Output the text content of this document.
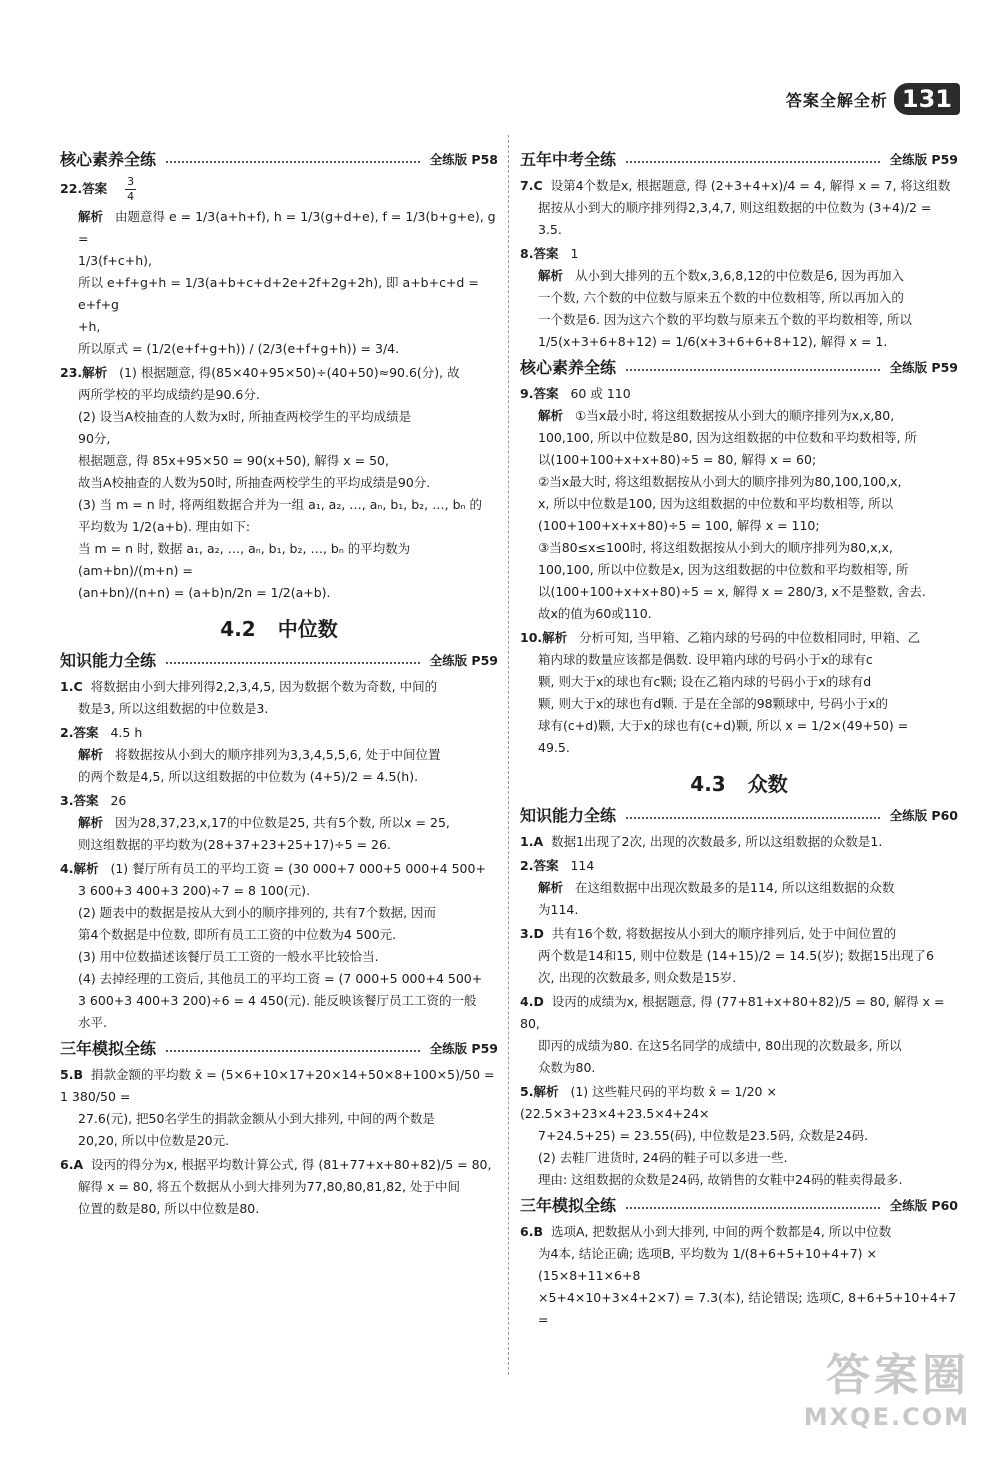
答案全解全析 131
核心素养全练	全练版 P58
22.答案 $\frac{3}{4}$
解析 由题意得 e = 1/3(a+h+f), h = 1/3(g+d+e), f = 1/3(b+g+e), g =
1/3(f+c+h),
所以 e+f+g+h = 1/3(a+b+c+d+2e+2f+2g+2h), 即 a+b+c+d = e+f+g
+h,
所以原式 = (1/2(e+f+g+h)) / (2/3(e+f+g+h)) = 3/4.
23.解析 (1) 根据题意, 得(85×40+95×50)÷(40+50)≈90.6(分), 故
两所学校的平均成绩约是90.6分.
(2) 设当A校抽查的人数为x时, 所抽查两校学生的平均成绩是
90分,
根据题意, 得 85x+95×50 = 90(x+50), 解得 x = 50,
故当A校抽查的人数为50时, 所抽查两校学生的平均成绩是90分.
(3) 当 m = n 时, 将两组数据合并为一组 a₁, a₂, …, aₙ, b₁, b₂, …, bₙ 的
平均数为 1/2(a+b). 理由如下:
当 m = n 时, 数据 a₁, a₂, …, aₙ, b₁, b₂, …, bₙ 的平均数为 (am+bn)/(m+n) =
(an+bn)/(n+n) = (a+b)n/2n = 1/2(a+b).
4.2 中位数
知识能力全练	全练版 P59
1.C 将数据由小到大排列得2,2,3,4,5, 因为数据个数为奇数, 中间的
数是3, 所以这组数据的中位数是3.
2.答案 4.5 h
解析 将数据按从小到大的顺序排列为3,3,4,5,5,6, 处于中间位置
的两个数是4,5, 所以这组数据的中位数为 (4+5)/2 = 4.5(h).
3.答案 26
解析 因为28,37,23,x,17的中位数是25, 共有5个数, 所以x = 25,
则这组数据的平均数为(28+37+23+25+17)÷5 = 26.
4.解析 (1) 餐厅所有员工的平均工资 = (30 000+7 000+5 000+4 500+
3 600+3 400+3 200)÷7 = 8 100(元).
(2) 题表中的数据是按从大到小的顺序排列的, 共有7个数据, 因而
第4个数据是中位数, 即所有员工工资的中位数为4 500元.
(3) 用中位数描述该餐厅员工工资的一般水平比较恰当.
(4) 去掉经理的工资后, 其他员工的平均工资 = (7 000+5 000+4 500+
3 600+3 400+3 200)÷6 = 4 450(元). 能反映该餐厅员工工资的一般
水平.
三年模拟全练	全练版 P59
5.B 捐款金额的平均数 x̄ = (5×6+10×17+20×14+50×8+100×5)/50 = 1 380/50 =
27.6(元), 把50名学生的捐款金额从小到大排列, 中间的两个数是
20,20, 所以中位数是20元.
6.A 设丙的得分为x, 根据平均数计算公式, 得 (81+77+x+80+82)/5 = 80,
解得 x = 80, 将五个数据从小到大排列为77,80,80,81,82, 处于中间
位置的数是80, 所以中位数是80.
五年中考全练	全练版 P59
7.C 设第4个数是x, 根据题意, 得 (2+3+4+x)/4 = 4, 解得 x = 7, 将这组数
据按从小到大的顺序排列得2,3,4,7, 则这组数据的中位数为 (3+4)/2 =
3.5.
8.答案 1
解析 从小到大排列的五个数x,3,6,8,12的中位数是6, 因为再加入
一个数, 六个数的中位数与原来五个数的中位数相等, 所以再加入的
一个数是6. 因为这六个数的平均数与原来五个数的平均数相等, 所以
1/5(x+3+6+8+12) = 1/6(x+3+6+6+8+12), 解得 x = 1.
核心素养全练	全练版 P59
9.答案 60 或 110
解析 ①当x最小时, 将这组数据按从小到大的顺序排列为x,x,80,
100,100, 所以中位数是80, 因为这组数据的中位数和平均数相等, 所
以(100+100+x+x+80)÷5 = 80, 解得 x = 60;
②当x最大时, 将这组数据按从小到大的顺序排列为80,100,100,x,
x, 所以中位数是100, 因为这组数据的中位数和平均数相等, 所以
(100+100+x+x+80)÷5 = 100, 解得 x = 110;
③当80≤x≤100时, 将这组数据按从小到大的顺序排列为80,x,x,
100,100, 所以中位数是x, 因为这组数据的中位数和平均数相等, 所
以(100+100+x+x+80)÷5 = x, 解得 x = 280/3, x不是整数, 舍去.
故x的值为60或110.
10.解析 分析可知, 当甲箱、乙箱内球的号码的中位数相同时, 甲箱、乙
箱内球的数量应该都是偶数. 设甲箱内球的号码小于x的球有c
颗, 则大于x的球也有c颗; 设在乙箱内球的号码小于x的球有d
颗, 则大于x的球也有d颗. 于是在全部的98颗球中, 号码小于x的
球有(c+d)颗, 大于x的球也有(c+d)颗, 所以 x = 1/2×(49+50) =
49.5.
4.3 众数
知识能力全练	全练版 P60
1.A 数据1出现了2次, 出现的次数最多, 所以这组数据的众数是1.
2.答案 114
解析 在这组数据中出现次数最多的是114, 所以这组数据的众数
为114.
3.D 共有16个数, 将数据按从小到大的顺序排列后, 处于中间位置的
两个数是14和15, 则中位数是 (14+15)/2 = 14.5(岁); 数据15出现了6
次, 出现的次数最多, 则众数是15岁.
4.D 设丙的成绩为x, 根据题意, 得 (77+81+x+80+82)/5 = 80, 解得 x = 80,
即丙的成绩为80. 在这5名同学的成绩中, 80出现的次数最多, 所以
众数为80.
5.解析 (1) 这些鞋尺码的平均数 x̄ = 1/20 × (22.5×3+23×4+23.5×4+24×
7+24.5+25) = 23.55(码), 中位数是23.5码, 众数是24码.
(2) 去鞋厂进货时, 24码的鞋子可以多进一些.
理由: 这组数据的众数是24码, 故销售的女鞋中24码的鞋卖得最多.
三年模拟全练	全练版 P60
6.B 选项A, 把数据从小到大排列, 中间的两个数都是4, 所以中位数
为4本, 结论正确; 选项B, 平均数为 1/(8+6+5+10+4+7) × (15×8+11×6+8
×5+4×10+3×4+2×7) = 7.3(本), 结论错误; 选项C, 8+6+5+10+4+7 =
答案圈
MXQE.COM
